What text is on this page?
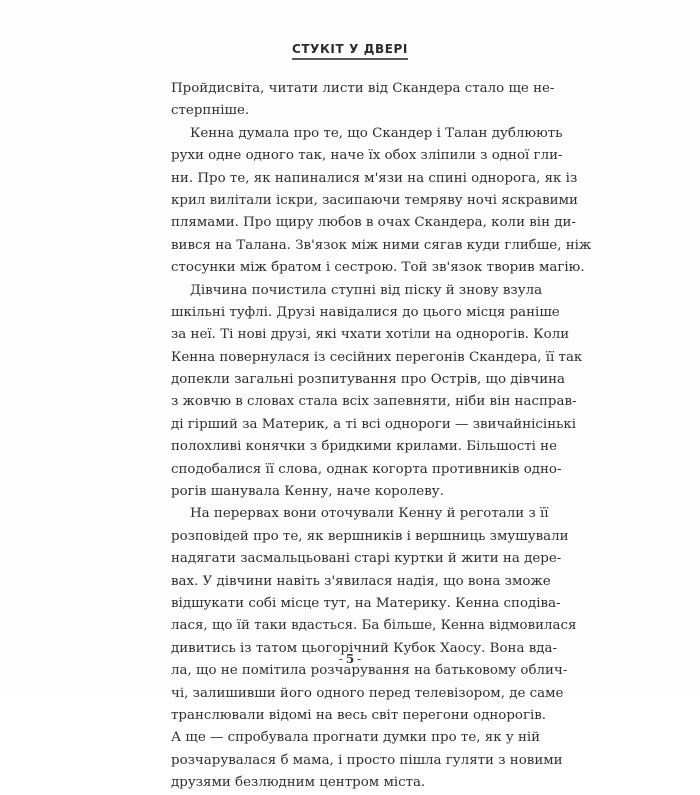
СТУКІТ У ДВЕРІ
Пройдисвіта, читати листи від Скандера стало ще не-
стерпніше.
Кенна думала про те, що Скандер і Талан дублюють
рухи одне одного так, наче їх обох зліпили з одної гли-
ни. Про те, як напиналися м'язи на спині однорога, як із
крил вилітали іскри, засипаючи темряву ночі яскравими
плямами. Про щиру любов в очах Скандера, коли він ди-
вився на Талана. Зв'язок між ними сягав куди глибше, ніж
стосунки між братом і сестрою. Той зв'язок творив магію.
Дівчина почистила ступні від піску й знову взула
шкільні туфлі. Друзі навідалися до цього місця раніше
за неї. Ті нові друзі, які чхати хотіли на однорогів. Коли
Кенна повернулася із сесійних перегонів Скандера, її так
допекли загальні розпитування про Острів, що дівчина
з жовчю в словах стала всіх запевняти, ніби він насправ-
ді гірший за Материк, а ті всі однороги — звичайнісінькі
полохливі конячки з бридкими крилами. Більшості не
сподобалися її слова, однак когорта противників одно-
рогів шанувала Кенну, наче королеву.
На перервах вони оточували Кенну й реготали з її
розповідей про те, як вершників і вершниць змушували
надягати засмальцьовані старі куртки й жити на дере-
вах. У дівчини навіть з'явилася надія, що вона зможе
відшукати собі місце тут, на Материку. Кенна сподіва-
лася, що їй таки вдасться. Ба більше, Кенна відмовилася
дивитись із татом цьогорічний Кубок Хаосу. Вона вда-
ла, що не помітила розчарування на батьковому облич-
чі, залишивши його одного перед телевізором, де саме
транслювали відомі на весь світ перегони однорогів.
А ще — спробувала прогнати думки про те, як у ній
розчарувалася б мама, і просто пішла гуляти з новими
друзями безлюдним центром міста.
- 5 -
